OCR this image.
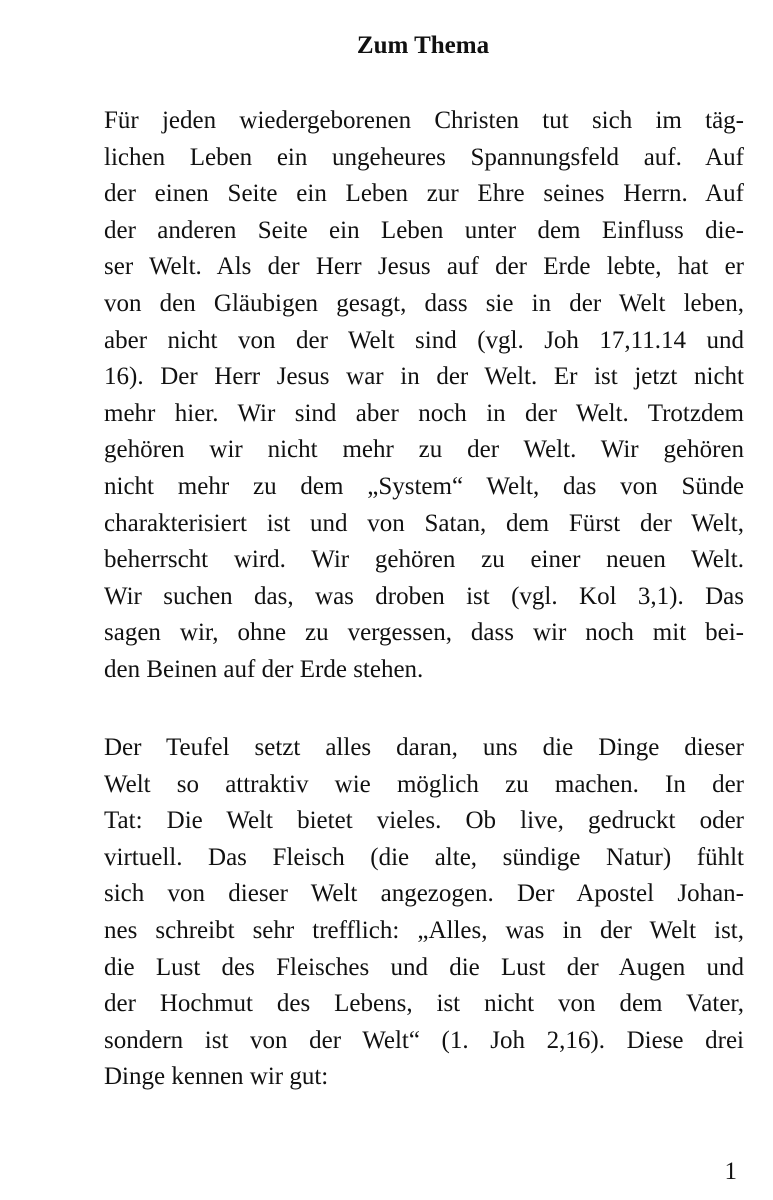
Zum Thema
Für jeden wiedergeborenen Christen tut sich im täg-
lichen Leben ein ungeheures Spannungsfeld auf. Auf
der einen Seite ein Leben zur Ehre seines Herrn. Auf
der anderen Seite ein Leben unter dem Einfluss die-
ser Welt. Als der Herr Jesus auf der Erde lebte, hat er
von den Gläubigen gesagt, dass sie in der Welt leben,
aber nicht von der Welt sind (vgl. Joh 17,11.14 und
16). Der Herr Jesus war in der Welt. Er ist jetzt nicht
mehr hier. Wir sind aber noch in der Welt. Trotzdem
gehören wir nicht mehr zu der Welt. Wir gehören
nicht mehr zu dem „System“ Welt, das von Sünde
charakterisiert ist und von Satan, dem Fürst der Welt,
beherrscht wird. Wir gehören zu einer neuen Welt.
Wir suchen das, was droben ist (vgl. Kol 3,1). Das
sagen wir, ohne zu vergessen, dass wir noch mit bei-
den Beinen auf der Erde stehen.
Der Teufel setzt alles daran, uns die Dinge dieser
Welt so attraktiv wie möglich zu machen. In der
Tat: Die Welt bietet vieles. Ob live, gedruckt oder
virtuell. Das Fleisch (die alte, sündige Natur) fühlt
sich von dieser Welt angezogen. Der Apostel Johan-
nes schreibt sehr trefflich: „Alles, was in der Welt ist,
die Lust des Fleisches und die Lust der Augen und
der Hochmut des Lebens, ist nicht von dem Vater,
sondern ist von der Welt“ (1. Joh 2,16). Diese drei
Dinge kennen wir gut:
1
